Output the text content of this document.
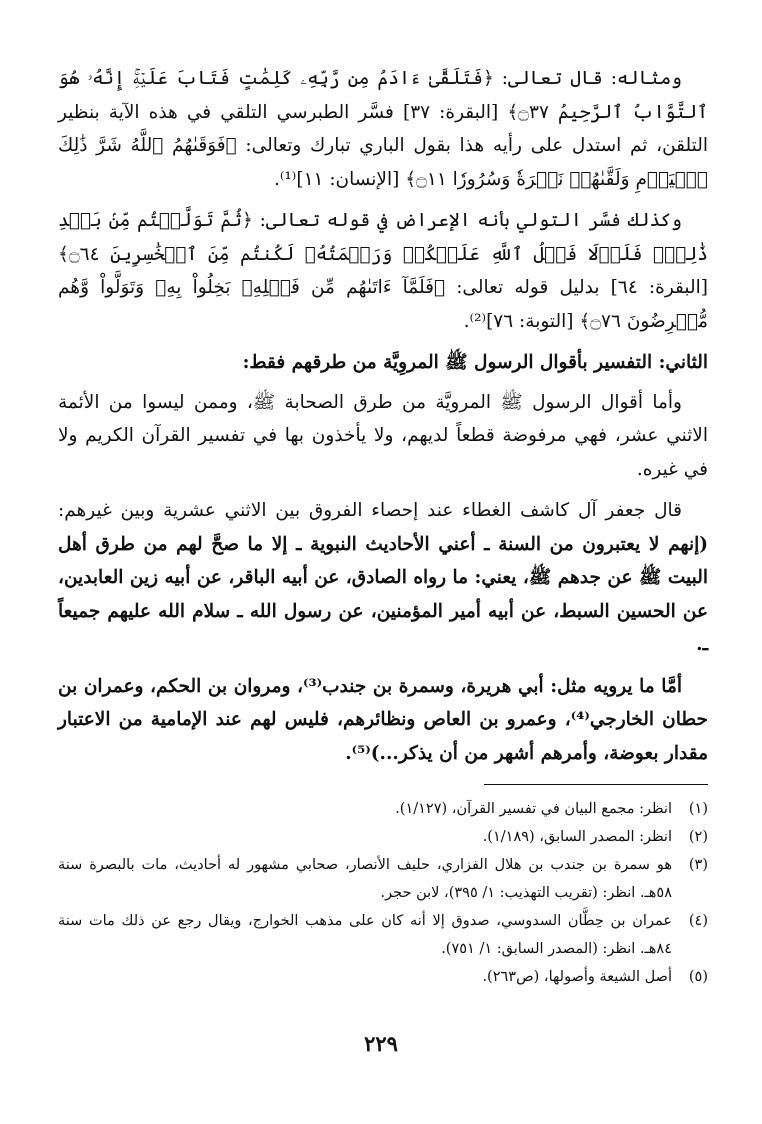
ومثاله: قال تعالى: ﴿فَتَلَقَّىٰ ءَادَمُ مِن رَّبِّهِۦ كَلِمَٰتٍ فَتَابَ عَلَيۡهِۚ إِنَّهُۥ هُوَ ٱلتَّوَّابُ ٱلرَّحِيمُ ۝٣٧﴾ [البقرة: ٣٧] فسَّر الطبرسي التلقي في هذه الآية بنظير التلقن، ثم استدل على رأيه هذا بقول الباري تبارك وتعالى: ﴿فَوَقَىٰهُمُ ٱللَّهُ شَرَّ ذَٰلِكَ ٱلۡيَوۡمِ وَلَقَّىٰهُمۡ نَضۡرَةٗ وَسُرُورٗا ۝١١﴾ [الإنسان: ١١]⁽¹⁾.

وكذلك فسَّر التولي بأنه الإعراض في قوله تعالى: ﴿ثُمَّ تَوَلَّيۡتُم مِّنۢ بَعۡدِ ذَٰلِكَۖ فَلَوۡلَا فَضۡلُ ٱللَّهِ عَلَيۡكُمۡ وَرَحۡمَتُهُۥ لَكُنتُم مِّنَ ٱلۡخَٰسِرِينَ ۝٦٤﴾ [البقرة: ٦٤] بدليل قوله تعالى: ﴿فَلَمَّآ ءَاتَىٰهُم مِّن فَضۡلِهِۦ بَخِلُواْ بِهِۦ وَتَوَلَّواْ وَّهُم مُّعۡرِضُونَ ۝٧٦﴾ [التوبة: ٧٦]⁽²⁾.

الثاني: التفسير بأقوال الرسول ﷺ المروِيَّة من طرقهم فقط:

وأما أقوال الرسول ﷺ المرويَّة من طرق الصحابة ﷺ، وممن ليسوا من الأئمة الاثني عشر، فهي مرفوضة قطعاً لديهم، ولا يأخذون بها في تفسير القرآن الكريم ولا في غيره.

قال جعفر آل كاشف الغطاء عند إحصاء الفروق بين الاثني عشرية وبين غيرهم:(إنهم لا يعتبرون من السنة ـ أعني الأحاديث النبوية ـ إلا ما صحَّ لهم من طرق أهل البيت ﷺ عن جدهم ﷺ، يعني: ما رواه الصادق، عن أبيه الباقر، عن أبيه زين العابدين، عن الحسين السبط، عن أبيه أمير المؤمنين، عن رسول الله ـ سلام الله عليهم جميعاً ـ.

أمَّا ما يرويه مثل: أبي هريرة، وسمرة بن جندب⁽³⁾، ومروان بن الحكم، وعمران بن حطان الخارجي⁽⁴⁾، وعمرو بن العاص ونظائرهم، فليس لهم عند الإمامية من الاعتبار مقدار بعوضة، وأمرهم أشهر من أن يذكر...)⁽⁵⁾.

(١)انظر: مجمع البيان في تفسير القرآن، (١/١٢٧).

(٢)انظر: المصدر السابق، (١/١٨٩).

(٣)هو سمرة بن جندب بن هلال الفزاري، حليف الأنصار، صحابي مشهور له أحاديث، مات بالبصرة سنة ٥٨هـ. انظر: (تقريب التهذيب: ١/ ٣٩٥)، لابن حجر.

(٤)عمران بن حِطَّان السدوسي، صدوق إلا أنه كان على مذهب الخوارج، ويقال رجع عن ذلك مات سنة ٨٤هـ. انظر: (المصدر السابق: ١/ ٧٥١).

(٥)أصل الشيعة وأصولها، (ص٢٦٣).

٢٢٩
